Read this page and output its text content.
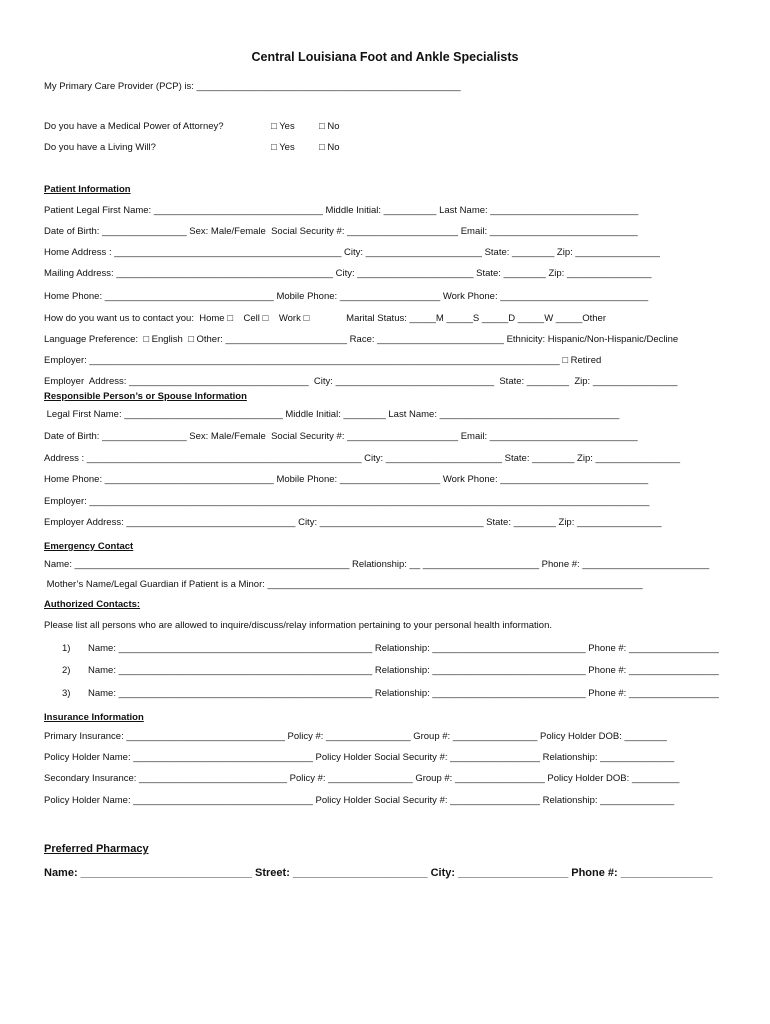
Central Louisiana Foot and Ankle Specialists
My Primary Care Provider (PCP) is: __________________________________________________
Do you have a Medical Power of Attorney?	□ Yes	□ No
Do you have a Living Will?	□ Yes	□ No
Patient Information
Patient Legal First Name: ________________________________ Middle Initial: __________ Last Name: ____________________________
Date of Birth: ________________ Sex: Male/Female  Social Security #: _____________________ Email: ____________________________
Home Address : ___________________________________________ City: ______________________ State: ________ Zip: ________________
Mailing Address: _________________________________________ City: ______________________ State: ________ Zip: ________________
Home Phone: ________________________________ Mobile Phone: ___________________ Work Phone: ____________________________
How do you want us to contact you:  Home □    Cell □    Work □              Marital Status: _____M _____S _____D _____W _____Other
Language Preference:  □ English  □ Other: _______________________ Race: ________________________ Ethnicity: Hispanic/Non-Hispanic/Decline
Employer: _________________________________________________________________________________________ □ Retired
Employer  Address: __________________________________  City: ______________________________  State: ________  Zip: ________________
Responsible Person’s or Spouse Information
Legal First Name: ______________________________ Middle Initial: ________ Last Name: __________________________________
Date of Birth: ________________ Sex: Male/Female  Social Security #: _____________________ Email: ____________________________
Address : ____________________________________________________ City: ______________________ State: ________ Zip: ________________
Home Phone: ________________________________ Mobile Phone: ___________________ Work Phone: ____________________________
Employer: __________________________________________________________________________________________________________
Employer Address: ________________________________ City: _______________________________ State: ________ Zip: ________________
Emergency Contact
Name: ____________________________________________________ Relationship: __ ______________________ Phone #: ________________________
Mother’s Name/Legal Guardian if Patient is a Minor: _______________________________________________________________________
Authorized Contacts:
Please list all persons who are allowed to inquire/discuss/relay information pertaining to your personal health information.
1) Name: ________________________________________________ Relationship: _____________________________ Phone #: _________________
2) Name: ________________________________________________ Relationship: _____________________________ Phone #: _________________
3) Name: ________________________________________________ Relationship: _____________________________ Phone #: _________________
Insurance Information
Primary Insurance: ______________________________ Policy #: ________________ Group #: ________________ Policy Holder DOB: ________
Policy Holder Name: __________________________________ Policy Holder Social Security #: _________________ Relationship: ______________
Secondary Insurance: ____________________________ Policy #: ________________ Group #: _________________ Policy Holder DOB: _________
Policy Holder Name: __________________________________ Policy Holder Social Security #: _________________ Relationship: ______________
Preferred Pharmacy
Name: ____________________________ Street: ______________________ City: __________________ Phone #: _______________
